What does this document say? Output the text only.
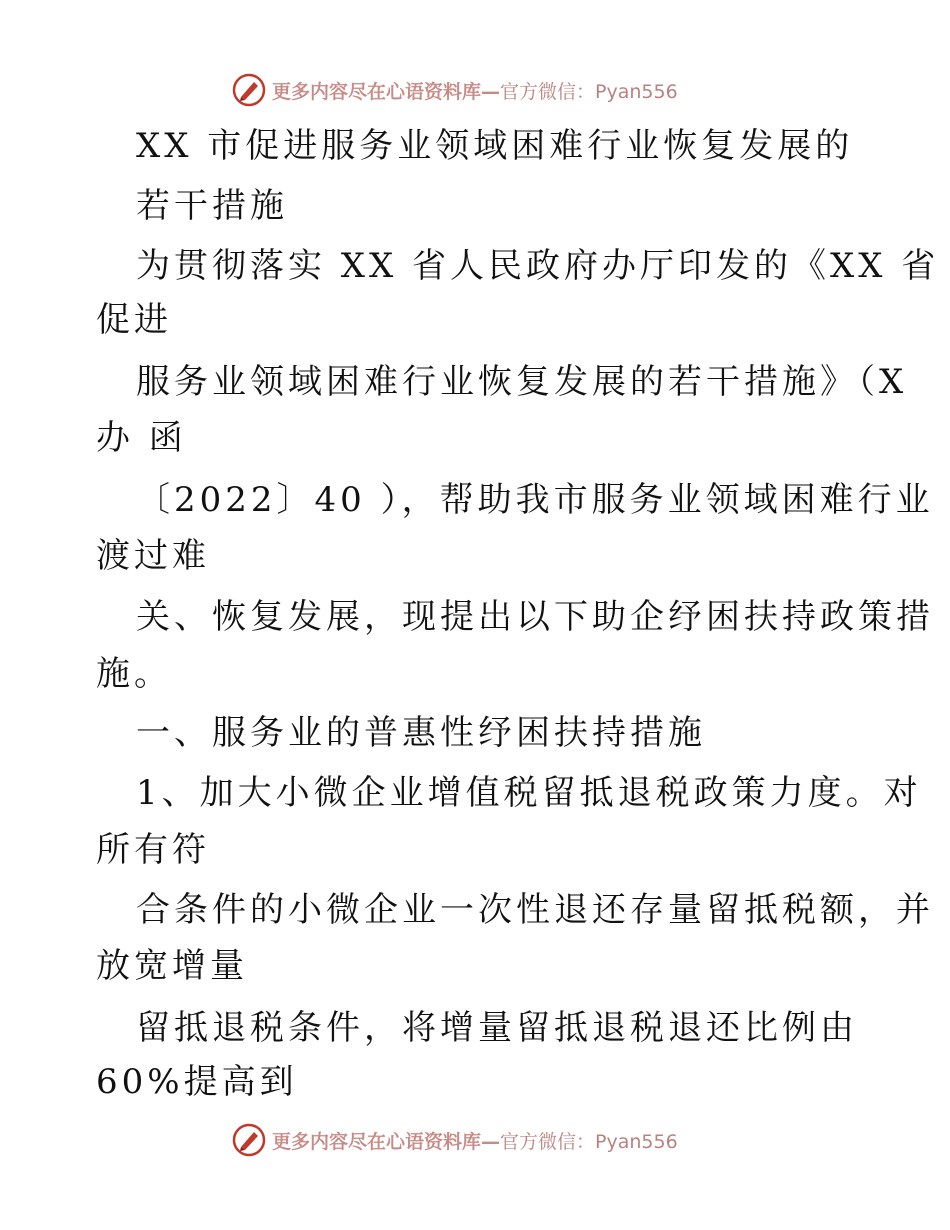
更多内容尽在心语资料库—官方微信：Pyan556
XX 市促进服务业领域困难行业恢复发展的
若干措施
为贯彻落实 XX 省人民政府办厅印发的《XX 省
促进
服务业领域困难行业恢复发展的若干措施》（X
办 函
〔2022〕40 ），帮助我市服务业领域困难行业
渡过难
关、恢复发展，现提出以下助企纾困扶持政策措
施。
一、服务业的普惠性纾困扶持措施
1、加大小微企业增值税留抵退税政策力度。对
所有符
合条件的小微企业一次性退还存量留抵税额，并
放宽增量
留抵退税条件，将增量留抵退税退还比例由
60%提高到
更多内容尽在心语资料库—官方微信：Pyan556
